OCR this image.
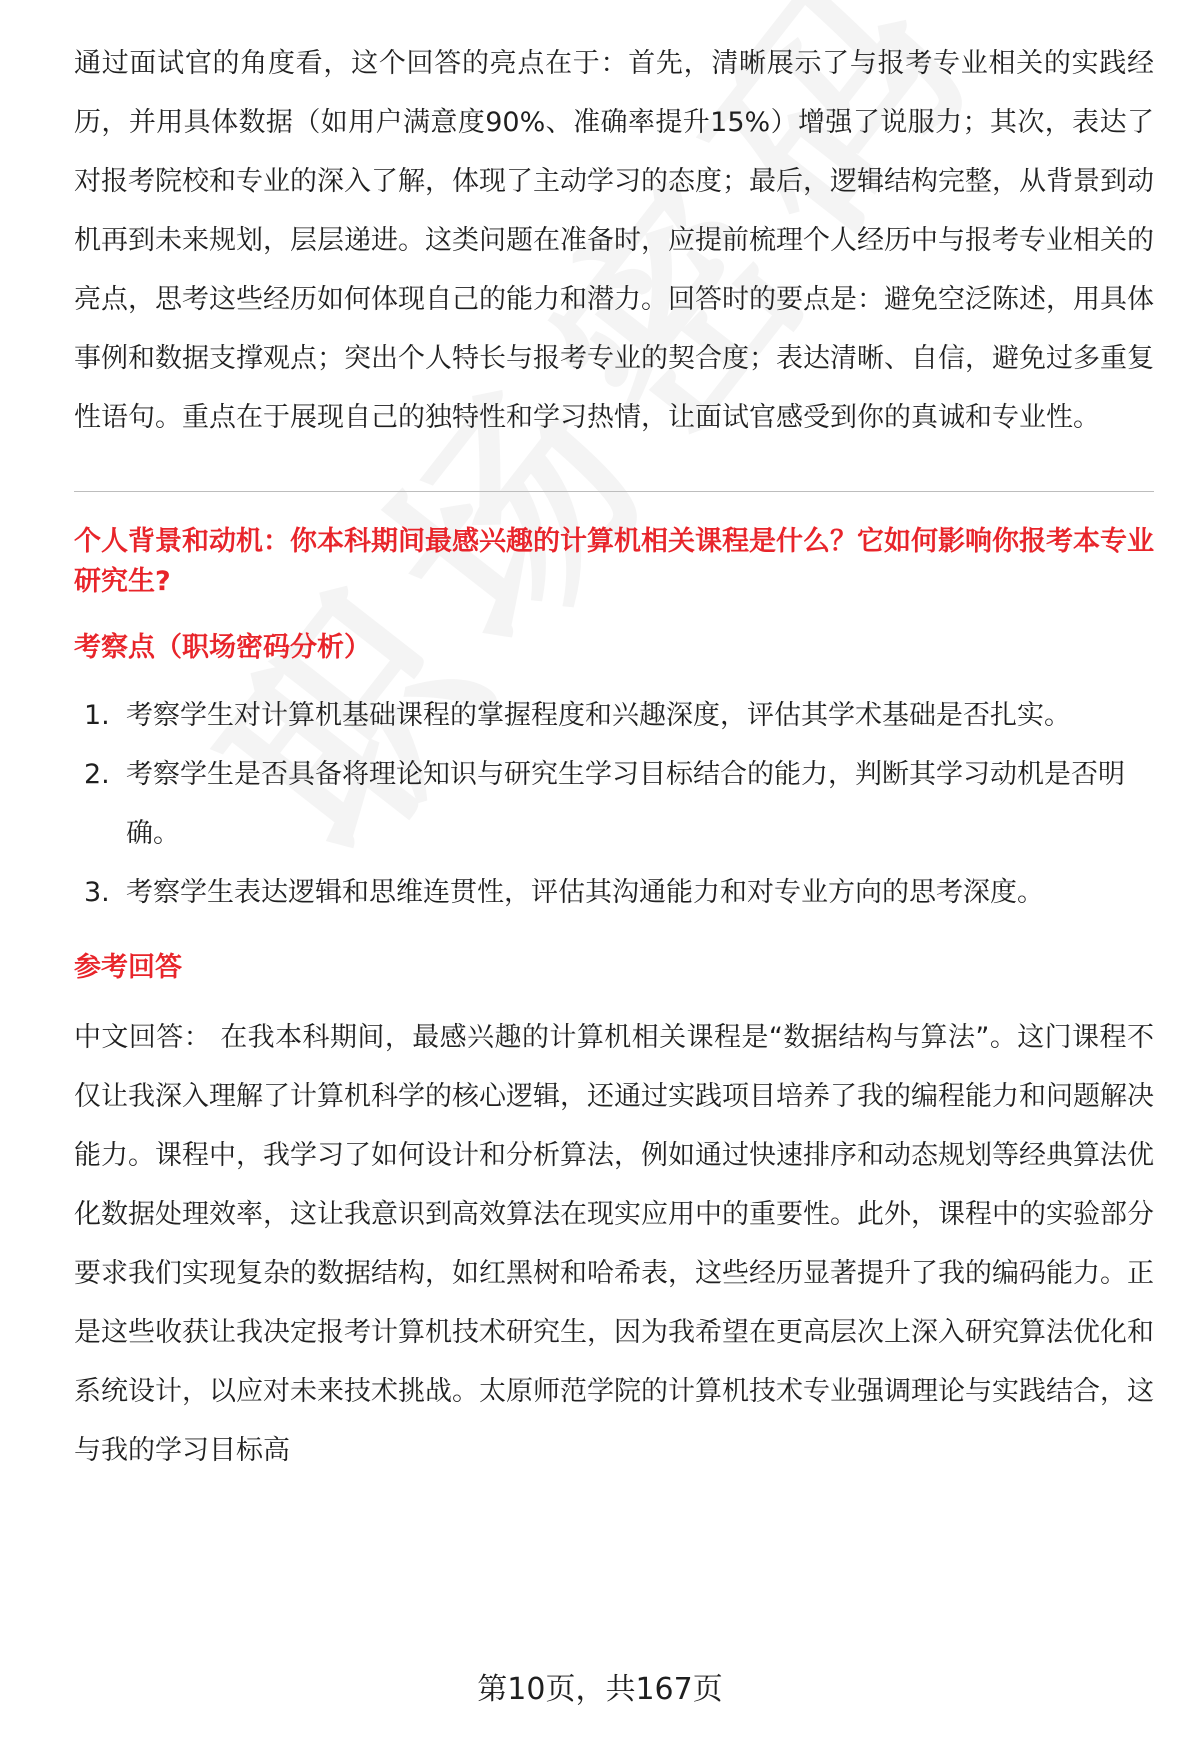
通过面试官的角度看，这个回答的亮点在于：首先，清晰展示了与报考专业相关的实践经历，并用具体数据（如用户满意度90%、准确率提升15%）增强了说服力；其次，表达了对报考院校和专业的深入了解，体现了主动学习的态度；最后，逻辑结构完整，从背景到动机再到未来规划，层层递进。这类问题在准备时，应提前梳理个人经历中与报考专业相关的亮点，思考这些经历如何体现自己的能力和潜力。回答时的要点是：避免空泛陈述，用具体事例和数据支撑观点；突出个人特长与报考专业的契合度；表达清晰、自信，避免过多重复性语句。重点在于展现自己的独特性和学习热情，让面试官感受到你的真诚和专业性。

个人背景和动机：你本科期间最感兴趣的计算机相关课程是什么？它如何影响你报考本专业研究生?

考察点（职场密码分析）
1. 考察学生对计算机基础课程的掌握程度和兴趣深度，评估其学术基础是否扎实。
2. 考察学生是否具备将理论知识与研究生学习目标结合的能力，判断其学习动机是否明确。
3. 考察学生表达逻辑和思维连贯性，评估其沟通能力和对专业方向的思考深度。
参考回答

中文回答： 在我本科期间，最感兴趣的计算机相关课程是“数据结构与算法”。这门课程不仅让我深入理解了计算机科学的核心逻辑，还通过实践项目培养了我的编程能力和问题解决能力。课程中，我学习了如何设计和分析算法，例如通过快速排序和动态规划等经典算法优化数据处理效率，这让我意识到高效算法在现实应用中的重要性。此外，课程中的实验部分要求我们实现复杂的数据结构，如红黑树和哈希表，这些经历显著提升了我的编码能力。正是这些收获让我决定报考计算机技术研究生，因为我希望在更高层次上深入研究算法优化和系统设计，以应对未来技术挑战。太原师范学院的计算机技术专业强调理论与实践结合，这与我的学习目标高

第10页，共167页
